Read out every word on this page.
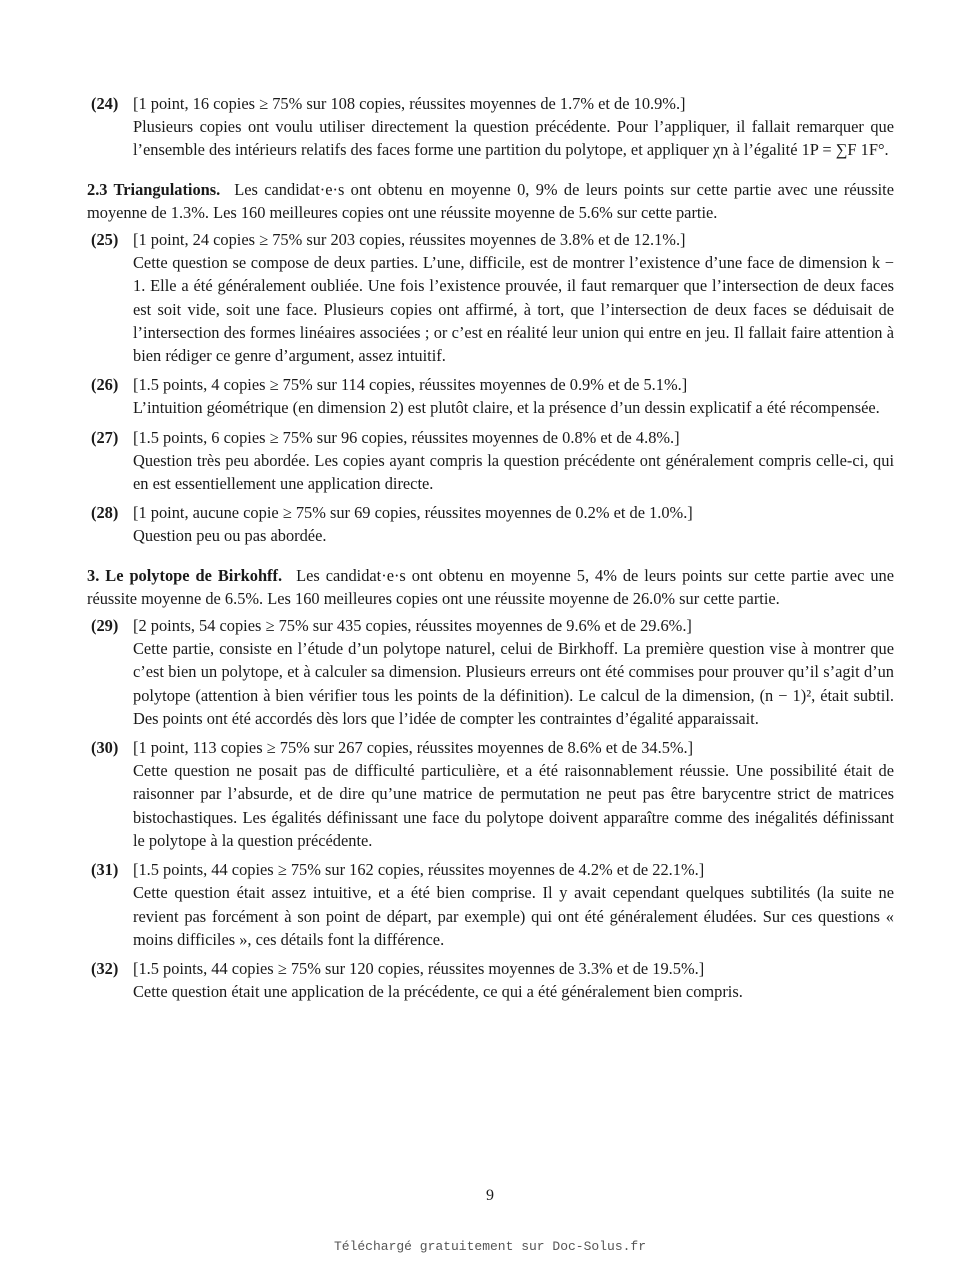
(24) [1 point, 16 copies ≥ 75% sur 108 copies, réussites moyennes de 1.7% et de 10.9%.]
Plusieurs copies ont voulu utiliser directement la question précédente. Pour l’appliquer, il fallait remarquer que l’ensemble des intérieurs relatifs des faces forme une partition du polytope, et appliquer χn à l’égalité 1P = ∑F 1F°.
2.3 Triangulations. Les candidat·e·s ont obtenu en moyenne 0, 9% de leurs points sur cette partie avec une réussite moyenne de 1.3%. Les 160 meilleures copies ont une réussite moyenne de 5.6% sur cette partie.
(25) [1 point, 24 copies ≥ 75% sur 203 copies, réussites moyennes de 3.8% et de 12.1%.]
Cette question se compose de deux parties. L’une, difficile, est de montrer l’existence d’une face de dimension k − 1. Elle a été généralement oubliée. Une fois l’existence prouvée, il faut remarquer que l’intersection de deux faces est soit vide, soit une face. Plusieurs copies ont affirmé, à tort, que l’intersection de deux faces se déduisait de l’intersection des formes linéaires associées ; or c’est en réalité leur union qui entre en jeu. Il fallait faire attention à bien rédiger ce genre d’argument, assez intuitif.
(26) [1.5 points, 4 copies ≥ 75% sur 114 copies, réussites moyennes de 0.9% et de 5.1%.]
L’intuition géométrique (en dimension 2) est plutôt claire, et la présence d’un dessin explicatif a été récompensée.
(27) [1.5 points, 6 copies ≥ 75% sur 96 copies, réussites moyennes de 0.8% et de 4.8%.]
Question très peu abordée. Les copies ayant compris la question précédente ont généralement compris celle-ci, qui en est essentiellement une application directe.
(28) [1 point, aucune copie ≥ 75% sur 69 copies, réussites moyennes de 0.2% et de 1.0%.]
Question peu ou pas abordée.
3. Le polytope de Birkohff. Les candidat·e·s ont obtenu en moyenne 5, 4% de leurs points sur cette partie avec une réussite moyenne de 6.5%. Les 160 meilleures copies ont une réussite moyenne de 26.0% sur cette partie.
(29) [2 points, 54 copies ≥ 75% sur 435 copies, réussites moyennes de 9.6% et de 29.6%.]
Cette partie, consiste en l’étude d’un polytope naturel, celui de Birkhoff. La première question vise à montrer que c’est bien un polytope, et à calculer sa dimension. Plusieurs erreurs ont été commises pour prouver qu’il s’agit d’un polytope (attention à bien vérifier tous les points de la définition). Le calcul de la dimension, (n − 1)², était subtil. Des points ont été accordés dès lors que l’idée de compter les contraintes d’égalité apparaissait.
(30) [1 point, 113 copies ≥ 75% sur 267 copies, réussites moyennes de 8.6% et de 34.5%.]
Cette question ne posait pas de difficulté particulière, et a été raisonnablement réussie. Une possibilité était de raisonner par l’absurde, et de dire qu’une matrice de permutation ne peut pas être barycentre strict de matrices bistochastiques. Les égalités définissant une face du polytope doivent apparaître comme des inégalités définissant le polytope à la question précédente.
(31) [1.5 points, 44 copies ≥ 75% sur 162 copies, réussites moyennes de 4.2% et de 22.1%.]
Cette question était assez intuitive, et a été bien comprise. Il y avait cependant quelques subtilités (la suite ne revient pas forcément à son point de départ, par exemple) qui ont été généralement éludées. Sur ces questions « moins difficiles », ces détails font la différence.
(32) [1.5 points, 44 copies ≥ 75% sur 120 copies, réussites moyennes de 3.3% et de 19.5%.]
Cette question était une application de la précédente, ce qui a été généralement bien compris.
9
Téléchargé gratuitement sur Doc-Solus.fr
